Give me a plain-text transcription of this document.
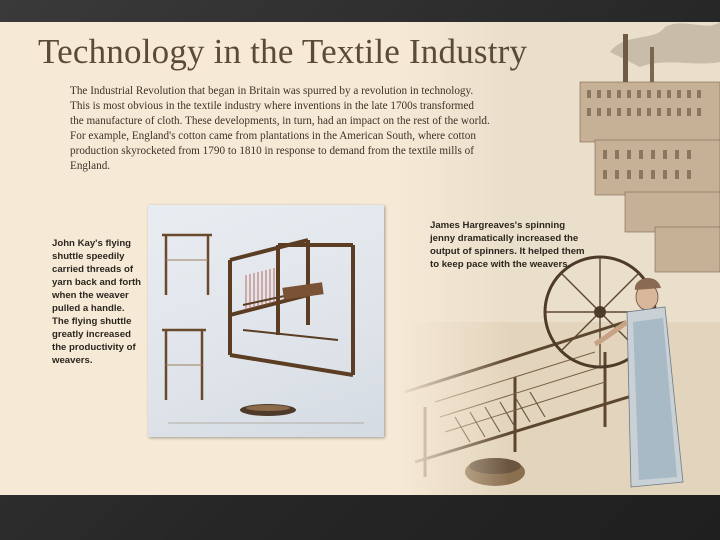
Technology in the Textile Industry
The Industrial Revolution that began in Britain was spurred by a revolution in technology. This is most obvious in the textile industry where inventions in the late 1700s transformed the manufacture of cloth. These developments, in turn, had an impact on the rest of the world. For example, England's cotton came from plantations in the American South, where cotton production skyrocketed from 1790 to 1810 in response to demand from the textile mills of England.
John Kay's flying shuttle speedily carried threads of yarn back and forth when the weaver pulled a handle. The flying shuttle greatly increased the productivity of weavers.
James Hargreaves's spinning jenny dramatically increased the output of spinners. It helped them to keep pace with the weavers.
